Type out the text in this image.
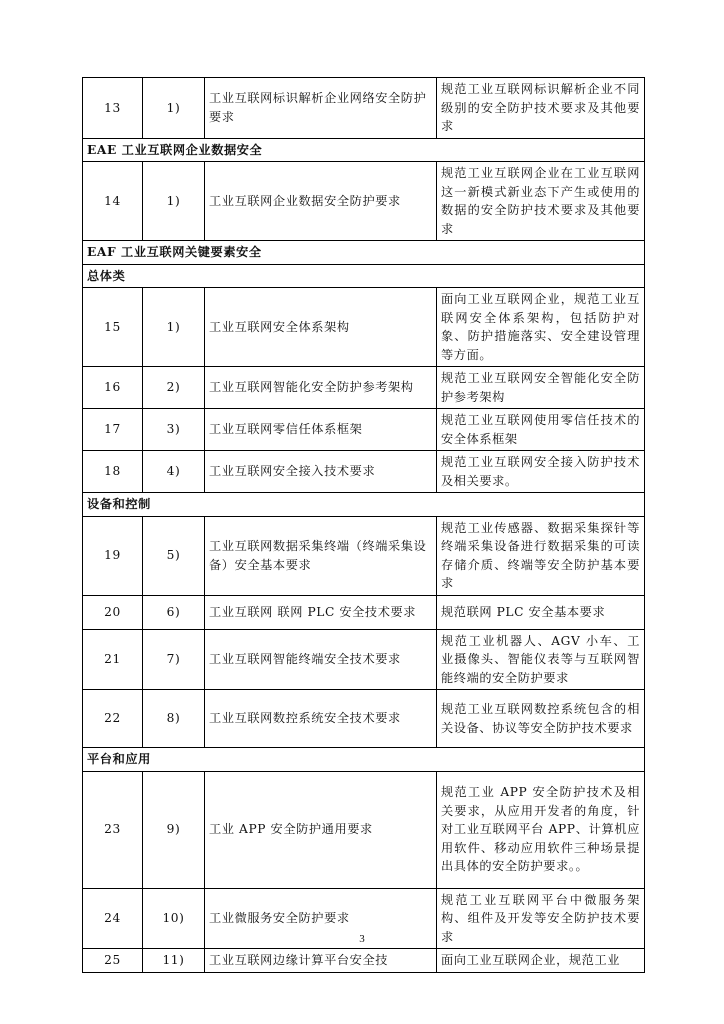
13	1)	工业互联网标识解析企业网络安全防护要求	规范工业互联网标识解析企业不同级别的安全防护技术要求及其他要求
EAE 工业互联网企业数据安全			
14	1)	工业互联网企业数据安全防护要求	规范工业互联网企业在工业互联网这一新模式新业态下产生或使用的数据的安全防护技术要求及其他要求
EAF 工业互联网关键要素安全			
总体类			
15	1)	工业互联网安全体系架构	面向工业互联网企业，规范工业互联网安全体系架构，包括防护对象、防护措施落实、安全建设管理等方面。
16	2)	工业互联网智能化安全防护参考架构	规范工业互联网安全智能化安全防护参考架构
17	3)	工业互联网零信任体系框架	规范工业互联网使用零信任技术的安全体系框架
18	4)	工业互联网安全接入技术要求	规范工业互联网安全接入防护技术及相关要求。
设备和控制			
19	5)	工业互联网数据采集终端（终端采集设备）安全基本要求	规范工业传感器、数据采集探针等终端采集设备进行数据采集的可读存储介质、终端等安全防护基本要求
20	6)	工业互联网 联网 PLC 安全技术要求	规范联网 PLC 安全基本要求
21	7)	工业互联网智能终端安全技术要求	规范工业机器人、AGV 小车、工业摄像头、智能仪表等与互联网智能终端的安全防护要求
22	8)	工业互联网数控系统安全技术要求	规范工业互联网数控系统包含的相关设备、协议等安全防护技术要求
平台和应用			
23	9)	工业 APP 安全防护通用要求	规范工业 APP 安全防护技术及相关要求，从应用开发者的角度，针对工业互联网平台 APP、计算机应用软件、移动应用软件三种场景提出具体的安全防护要求。。
24	10)	工业微服务安全防护要求	规范工业互联网平台中微服务架构、组件及开发等安全防护技术要求
25	11)	工业互联网边缘计算平台安全技	面向工业互联网企业，规范工业
3
